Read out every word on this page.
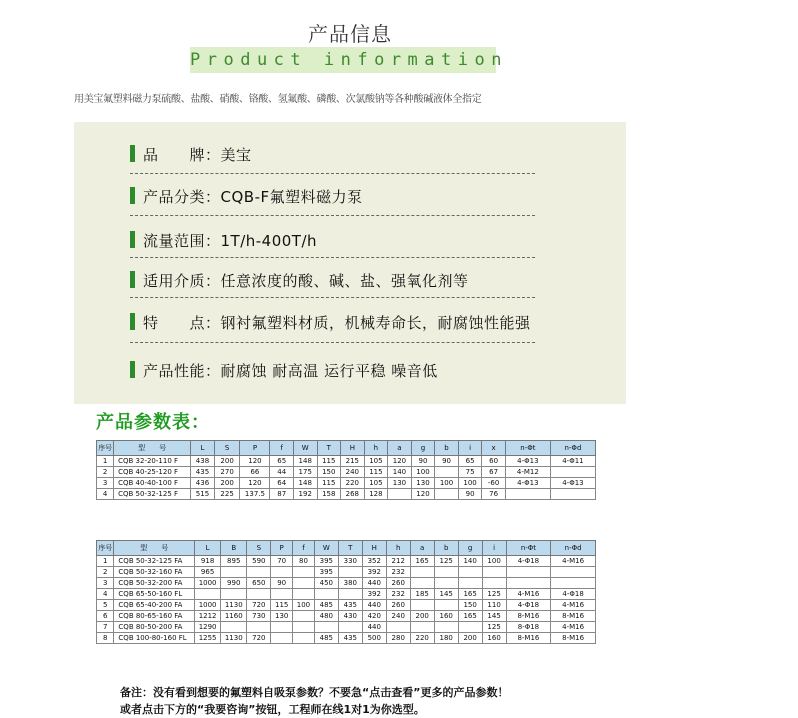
产品信息
Product information
用美宝氟塑料磁力泵硫酸、盐酸、硝酸、铬酸、氢氟酸、磷酸、次氯酸钠等各种酸碱液体全指定
品　　牌：美宝
产品分类：CQB-F氟塑料磁力泵
流量范围：1T/h-400T/h
适用介质：任意浓度的酸、碱、盐、强氧化剂等
特　　点：钢衬氟塑料材质，机械寿命长，耐腐蚀性能强
产品性能：耐腐蚀 耐高温 运行平稳 噪音低
产品参数表：
序号	型　　号	L	S	P	f	W	T	H	h	a	g	b	i	x	n-Φt	n-Φd
1	CQB 32-20-110 F	438	200	120	65	148	115	215	105	120	90	90	65	60	4-Φ13	4-Φ11
2	CQB 40-25-120 F	435	270	66	44	175	150	240	115	140	100		75	67	4-M12	
3	CQB 40-40-100 F	436	200	120	64	148	115	220	105	130	130	100	100	-60	4-Φ13	4-Φ13
4	CQB 50-32-125 F	515	225	137.5	87	192	158	268	128		120		90	76		
序号	型　　号	L	B	S	P	f	W	T	H	h	a	b	g	i	n-Φt	n-Φd
1	CQB 50-32-125 FA	918	895	590	70	80	395	330	352	212	165	125	140	100	4-Φ18	4-M16
2	CQB 50-32-160 FA	965					395		392	232						
3	CQB 50-32-200 FA	1000	990	650	90		450	380	440	260						
4	CQB 65-50-160 FL								392	232	185	145	165	125	4-M16	4-Φ18
5	CQB 65-40-200 FA	1000	1130	720	115	100	485	435	440	260			150	110	4-Φ18	4-M16
6	CQB 80-65-160 FA	1212	1160	730	130		480	430	420	240	200	160	165	145	8-M16	8-M16
7	CQB 80-50-200 FA	1290							440					125	8-Φ18	4-M16
8	CQB 100-80-160 FL	1255	1130	720			485	435	500	280	220	180	200	160	8-M16	8-M16
备注：没有看到想要的氟塑料自吸泵参数？不要急“点击查看”更多的产品参数！
或者点击下方的“我要咨询”按钮，工程师在线1对1为你选型。
